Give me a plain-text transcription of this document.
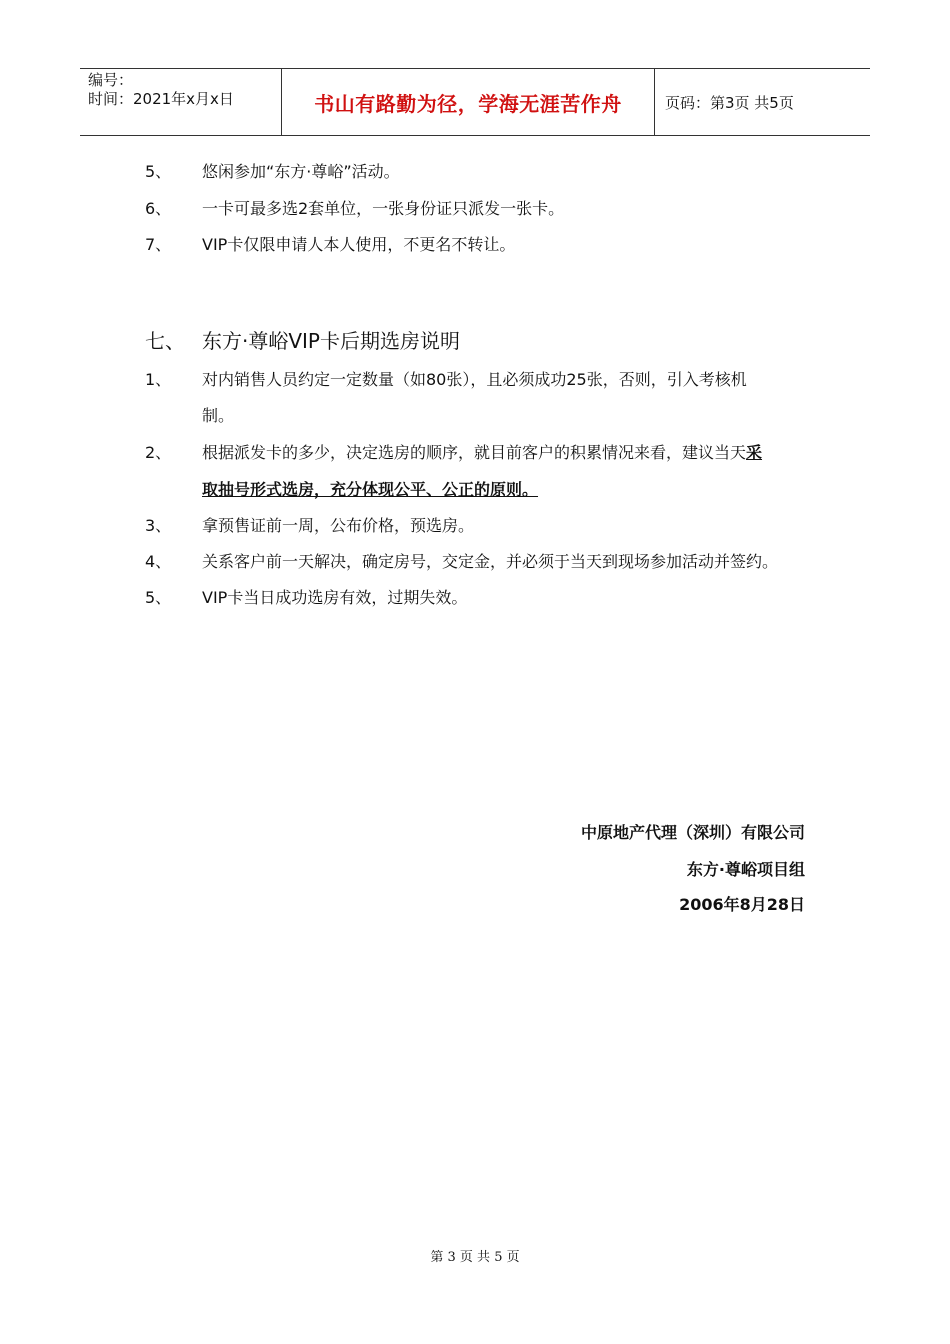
编号：
时间：2021年x月x日	书山有路勤为径，学海无涯苦作舟	页码：第3页 共5页
5、 悠闲参加“东方·尊峪”活动。
6、 一卡可最多选2套单位，一张身份证只派发一张卡。
7、 VIP卡仅限申请人本人使用，不更名不转让。
七、 东方·尊峪VIP卡后期选房说明
1、 对内销售人员约定一定数量（如80张），且必须成功25张，否则，引入考核机
制。
2、 根据派发卡的多少，决定选房的顺序，就目前客户的积累情况来看，建议当天采
取抽号形式选房，充分体现公平、公正的原则。
3、 拿预售证前一周，公布价格，预选房。
4、 关系客户前一天解决，确定房号，交定金，并必须于当天到现场参加活动并签约。
5、 VIP卡当日成功选房有效，过期失效。
中原地产代理（深圳）有限公司
东方·尊峪项目组
2006年8月28日
第 3 页 共 5 页
